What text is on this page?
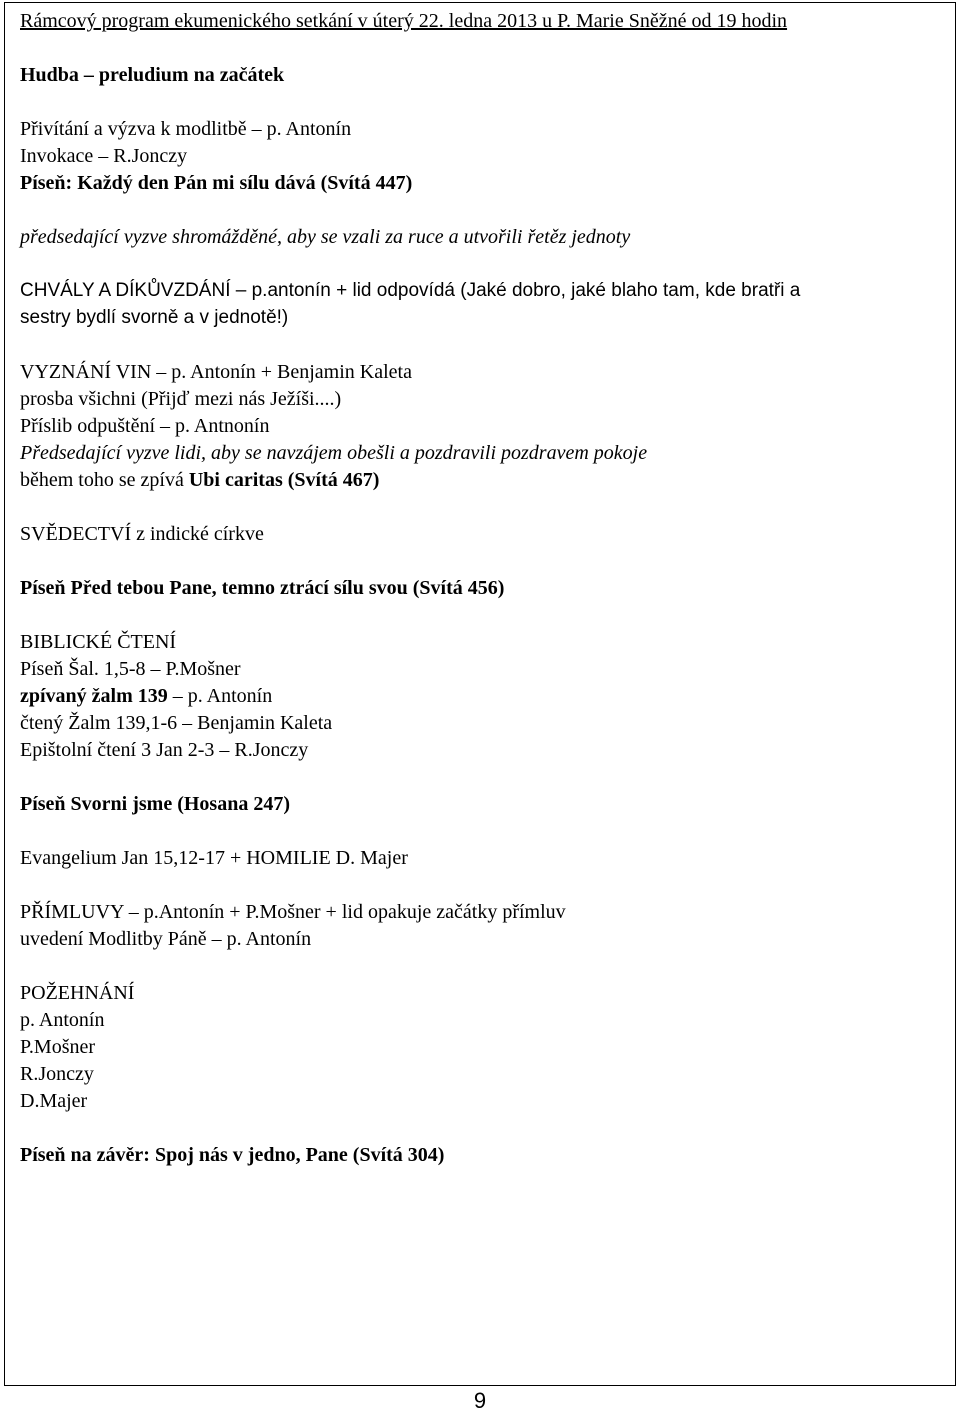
Rámcový program ekumenického setkání v úterý 22. ledna 2013 u P. Marie Sněžné od 19 hodin
Hudba – preludium na začátek
Přivítání a výzva k modlitbě – p. Antonín
Invokace – R.Jonczy
Píseň: Každý den Pán mi sílu dává (Svítá 447)
předsedající vyzve shromážděné, aby se vzali za ruce a utvořili řetěz jednoty
CHVÁLY A DÍKŮVZDÁNÍ – p.antonín + lid odpovídá (Jaké dobro, jaké blaho tam, kde bratři a
sestry bydlí svorně a v jednotě!)
VYZNÁNÍ VIN – p. Antonín + Benjamin Kaleta
prosba všichni (Přijď mezi nás Ježíši....)
Příslib odpuštění – p. Antnonín
Předsedající vyzve lidi, aby se navzájem obešli a pozdravili pozdravem pokoje
během toho se zpívá Ubi caritas (Svítá 467)
SVĚDECTVÍ z indické církve
Píseň Před tebou Pane, temno ztrácí sílu svou (Svítá 456)
BIBLICKÉ ČTENÍ
Píseň Šal. 1,5-8 – P.Mošner
zpívaný žalm 139 – p. Antonín
čtený Žalm 139,1-6 – Benjamin Kaleta
Epištolní čtení 3 Jan 2-3 – R.Jonczy
Píseň Svorni jsme (Hosana 247)
Evangelium Jan 15,12-17 + HOMILIE D. Majer
PŘÍMLUVY – p.Antonín + P.Mošner + lid opakuje začátky přímluv
uvedení Modlitby Páně – p. Antonín
POŽEHNÁNÍ
p. Antonín
P.Mošner
R.Jonczy
D.Majer
Píseň na závěr: Spoj nás v jedno, Pane (Svítá 304)
9
